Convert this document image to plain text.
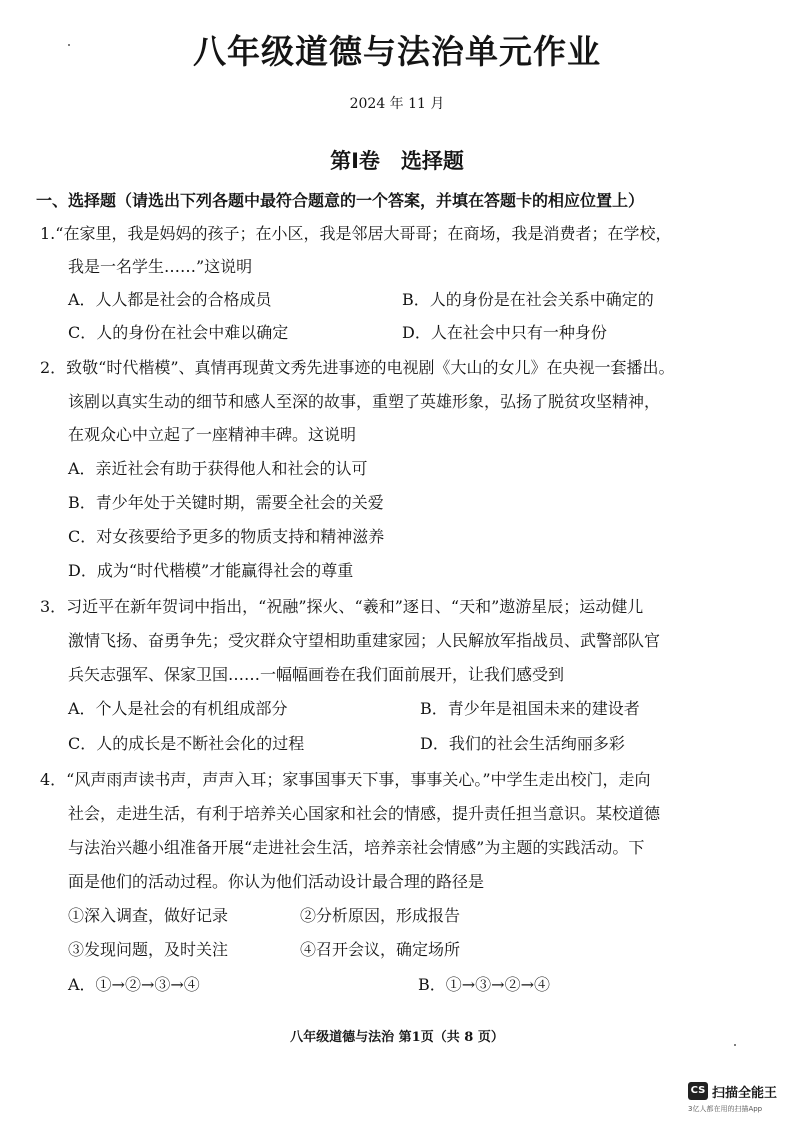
八年级道德与法治单元作业
2024 年 11 月
第Ⅰ卷　选择题
一、选择题（请选出下列各题中最符合题意的一个答案，并填在答题卡的相应位置上）
1.“在家里，我是妈妈的孩子；在小区，我是邻居大哥哥；在商场，我是消费者；在学校，
我是一名学生……”这说明
A．人人都是社会的合格成员	B．人的身份是在社会关系中确定的
C．人的身份在社会中难以确定	D．人在社会中只有一种身份
2．致敬“时代楷模”、真情再现黄文秀先进事迹的电视剧《大山的女儿》在央视一套播出。
该剧以真实生动的细节和感人至深的故事，重塑了英雄形象，弘扬了脱贫攻坚精神，
在观众心中立起了一座精神丰碑。这说明
A．亲近社会有助于获得他人和社会的认可
B．青少年处于关键时期，需要全社会的关爱
C．对女孩要给予更多的物质支持和精神滋养
D．成为“时代楷模”才能赢得社会的尊重
3．习近平在新年贺词中指出，“祝融”探火、“羲和”逐日、“天和”遨游星辰；运动健儿
激情飞扬、奋勇争先；受灾群众守望相助重建家园；人民解放军指战员、武警部队官
兵矢志强军、保家卫国……一幅幅画卷在我们面前展开，让我们感受到
A．个人是社会的有机组成部分	B．青少年是祖国未来的建设者
C．人的成长是不断社会化的过程	D．我们的社会生活绚丽多彩
4．“风声雨声读书声，声声入耳；家事国事天下事，事事关心。”中学生走出校门，走向
社会，走进生活，有利于培养关心国家和社会的情感，提升责任担当意识。某校道德
与法治兴趣小组准备开展“走进社会生活，培养亲社会情感”为主题的实践活动。下
面是他们的活动过程。你认为他们活动设计最合理的路径是
①深入调查，做好记录	②分析原因，形成报告
③发现问题，及时关注	④召开会议，确定场所
A．①→②→③→④	B．①→③→②→④
八年级道德与法治 第1页（共 8 页）
CS 扫描全能王
3亿人都在用的扫描App
